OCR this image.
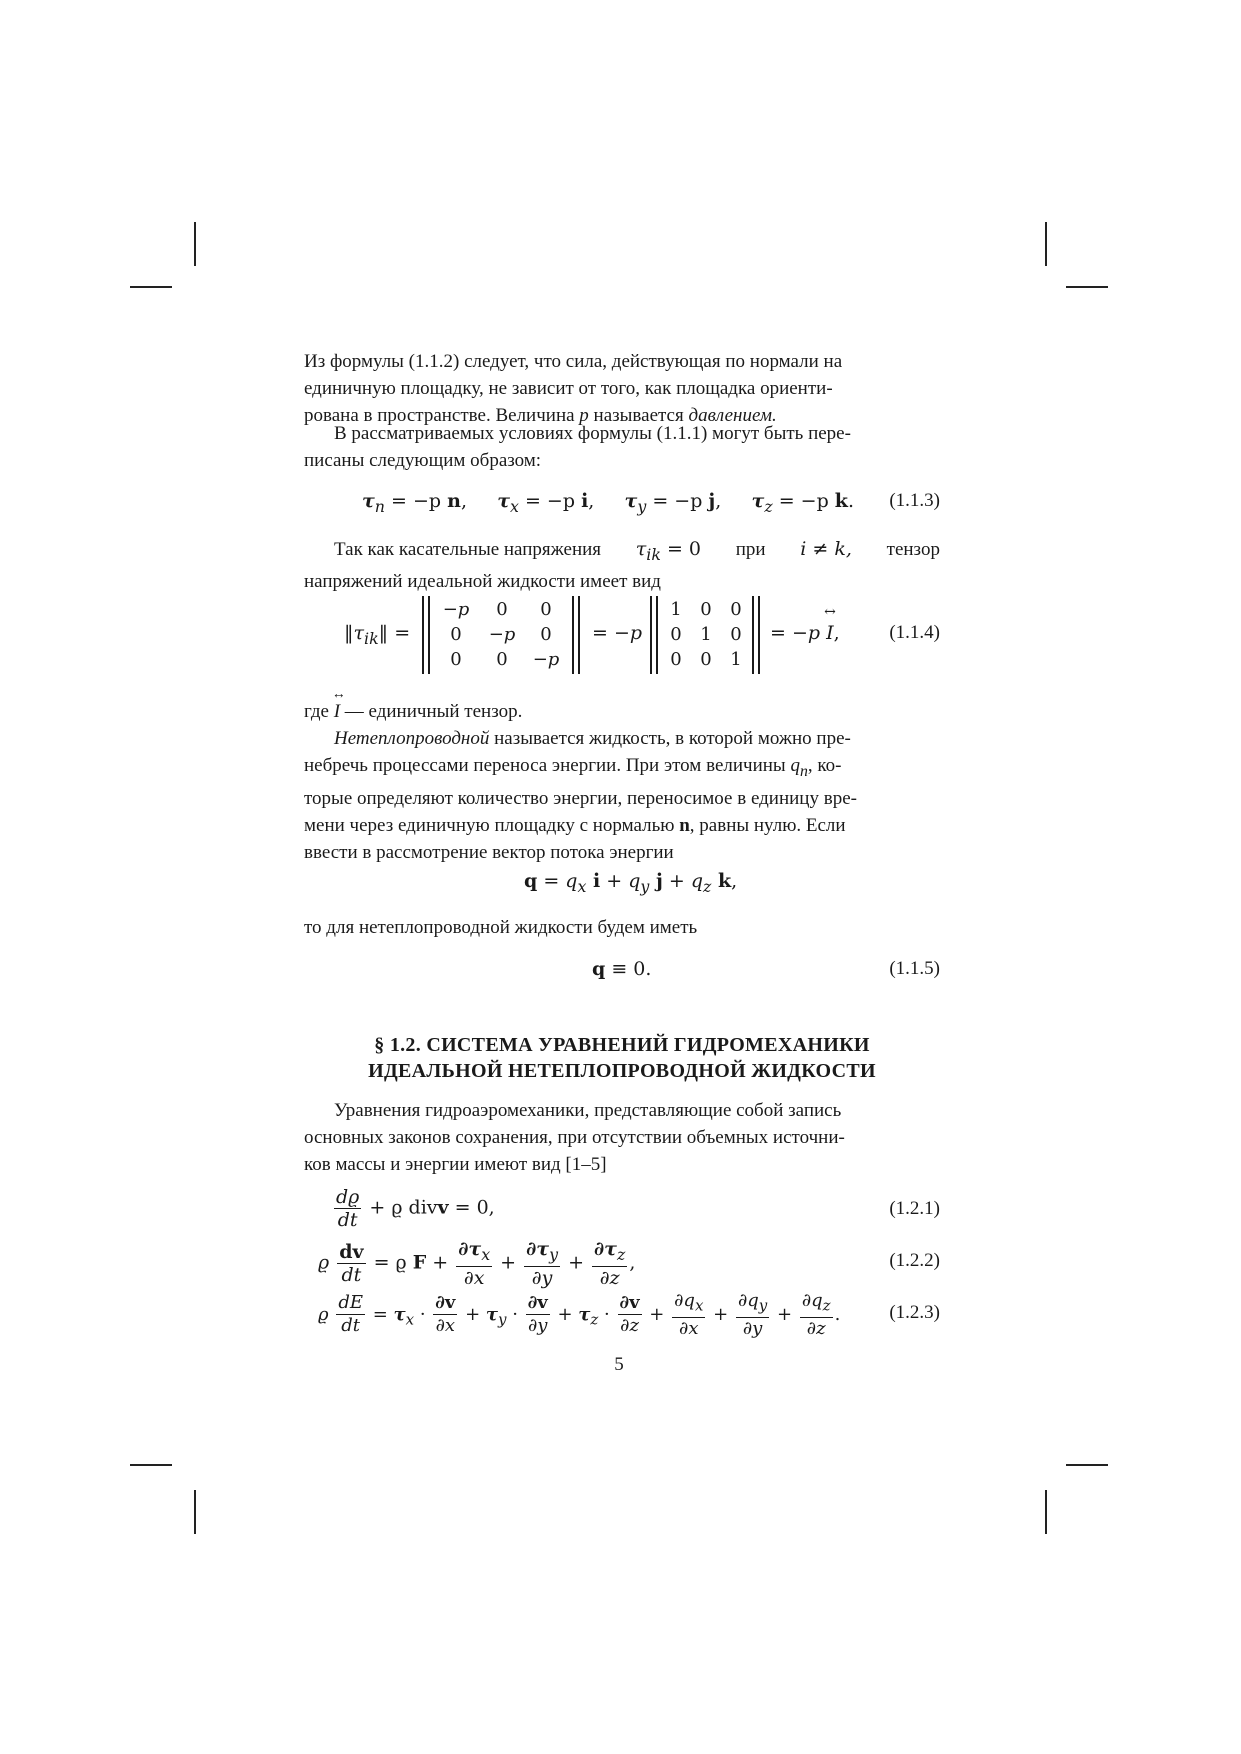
Из формулы (1.1.2) следует, что сила, действующая по нормали на
единичную площадку, не зависит от того, как площадка ориенти-
рована в пространстве. Величина p называется давлением.
В рассматриваемых условиях формулы (1.1.1) могут быть пере-
писаны следующим образом:
$\tau_n = -p$ n, $\tau_x = -p$ i, $\tau_y = -p$ j, $\tau_z = -p$ k. (1.1.3)
Так как касательные напряжения $\tau_{ik} = 0$ при i ≠ k, тензор
напряжений идеальной жидкости имеет вид
$‖\tau_{ik}‖$ =
−p	0	0
0	−p	0
0	0	−p
= −p
1	0	0
0	1	0
0	0	1
= −p
↔
I,	(1.1.4)
где
↔
I — единичный тензор.
Нетеплопроводной называется жидкость, в которой можно пре-
небречь процессами переноса энергии. При этом величины $q_n$, ко-
торые определяют количество энергии, переносимое в единицу вре-
мени через единичную площадку с нормалью n, равны нулю. Если
ввести в рассмотрение вектор потока энергии
$q = q_x$ $i + q_y$ $j + q_z$ k,
то для нетеплопроводной жидкости будем иметь
q ≡ 0.	(1.1.5)
§ 1.2. СИСТЕМА УРАВНЕНИЙ ГИДРОМЕХАНИКИ
ИДЕАЛЬНОЙ НЕТЕПЛОПРОВОДНОЙ ЖИДКОСТИ
Уравнения гидроаэромеханики, представляющие собой запись
основных законов сохранения, при отсутствии объемных источни-
ков массы и энергии имеют вид [1–5]
$\frac{dϱ}{dt} + ϱ$ divv = 0,	(1.2.1)
ϱ $\frac{dv}{dt} = ϱ$ $F + \frac{\partial\tau_x}{\partial x} + \frac{\partial\tau_y}{\partial y} + \frac{\partial\tau_z}{\partial z}$ ,	(1.2.2)
ϱ $\frac{dE}{dt} = \tau_x \cdot \frac{\partial v}{\partial x} + \tau_y \cdot \frac{\partial v}{\partial y} + \tau_z \cdot \frac{\partial v}{\partial z} + \frac{\partial q_x}{\partial x} + \frac{\partial q_y}{\partial y} + \frac{\partial q_z}{\partial z}$ .	(1.2.3)
5
